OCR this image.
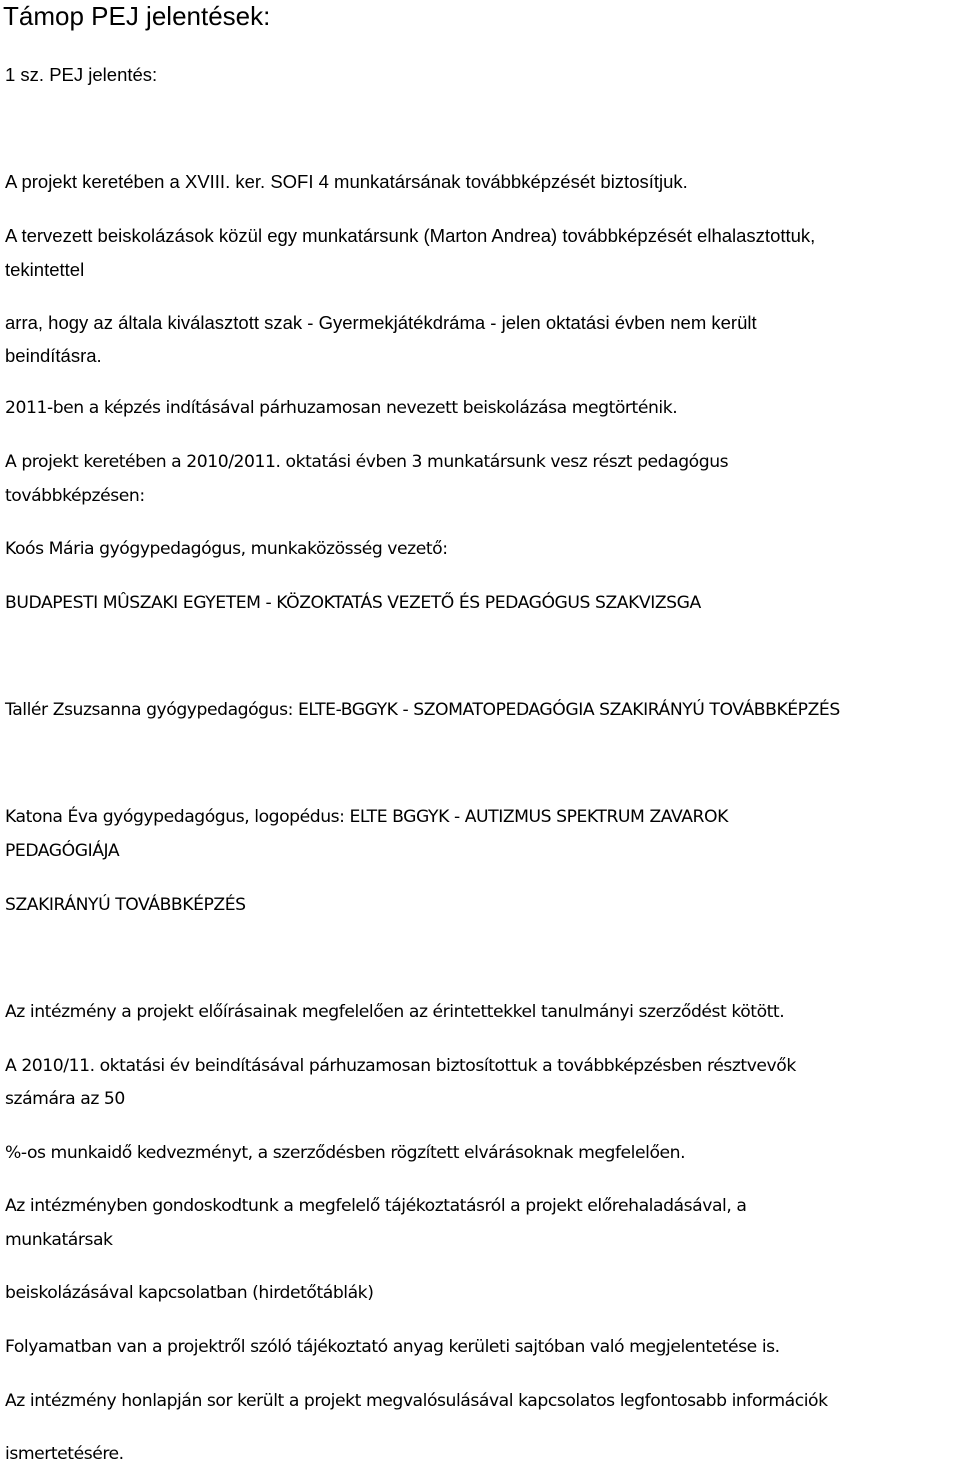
Támop PEJ jelentések:
1 sz. PEJ jelentés:
A projekt keretében a XVIII. ker. SOFI 4 munkatársának továbbképzését biztosítjuk.
A tervezett beiskolázások közül egy munkatársunk (Marton Andrea) továbbképzését elhalasztottuk,
tekintettel
arra, hogy az általa kiválasztott szak - Gyermekjátékdráma - jelen oktatási évben nem került
beindításra.
2011-ben a képzés indításával párhuzamosan nevezett beiskolázása megtörténik.
A projekt keretében a 2010/2011. oktatási évben 3 munkatársunk vesz részt pedagógus
továbbképzésen:
Koós Mária gyógypedagógus, munkaközösség vezető:
BUDAPESTI MÛSZAKI EGYETEM - KÖZOKTATÁS VEZETŐ ÉS PEDAGÓGUS SZAKVIZSGA
Tallér Zsuzsanna gyógypedagógus: ELTE-BGGYK - SZOMATOPEDAGÓGIA SZAKIRÁNYÚ TOVÁBBKÉPZÉS
Katona Éva gyógypedagógus, logopédus: ELTE BGGYK - AUTIZMUS SPEKTRUM ZAVAROK
PEDAGÓGIÁJA
SZAKIRÁNYÚ TOVÁBBKÉPZÉS
Az intézmény a projekt előírásainak megfelelően az érintettekkel tanulmányi szerződést kötött.
A 2010/11. oktatási év beindításával párhuzamosan biztosítottuk a továbbképzésben résztvevők
számára az 50
%-os munkaidő kedvezményt, a szerződésben rögzített elvárásoknak megfelelően.
Az intézményben gondoskodtunk a megfelelő tájékoztatásról a projekt előrehaladásával, a
munkatársak
beiskolázásával kapcsolatban (hirdetőtáblák)
Folyamatban van a projektről szóló tájékoztató anyag kerületi sajtóban való megjelentetése is.
Az intézmény honlapján sor került a projekt megvalósulásával kapcsolatos legfontosabb információk
ismertetésére.
